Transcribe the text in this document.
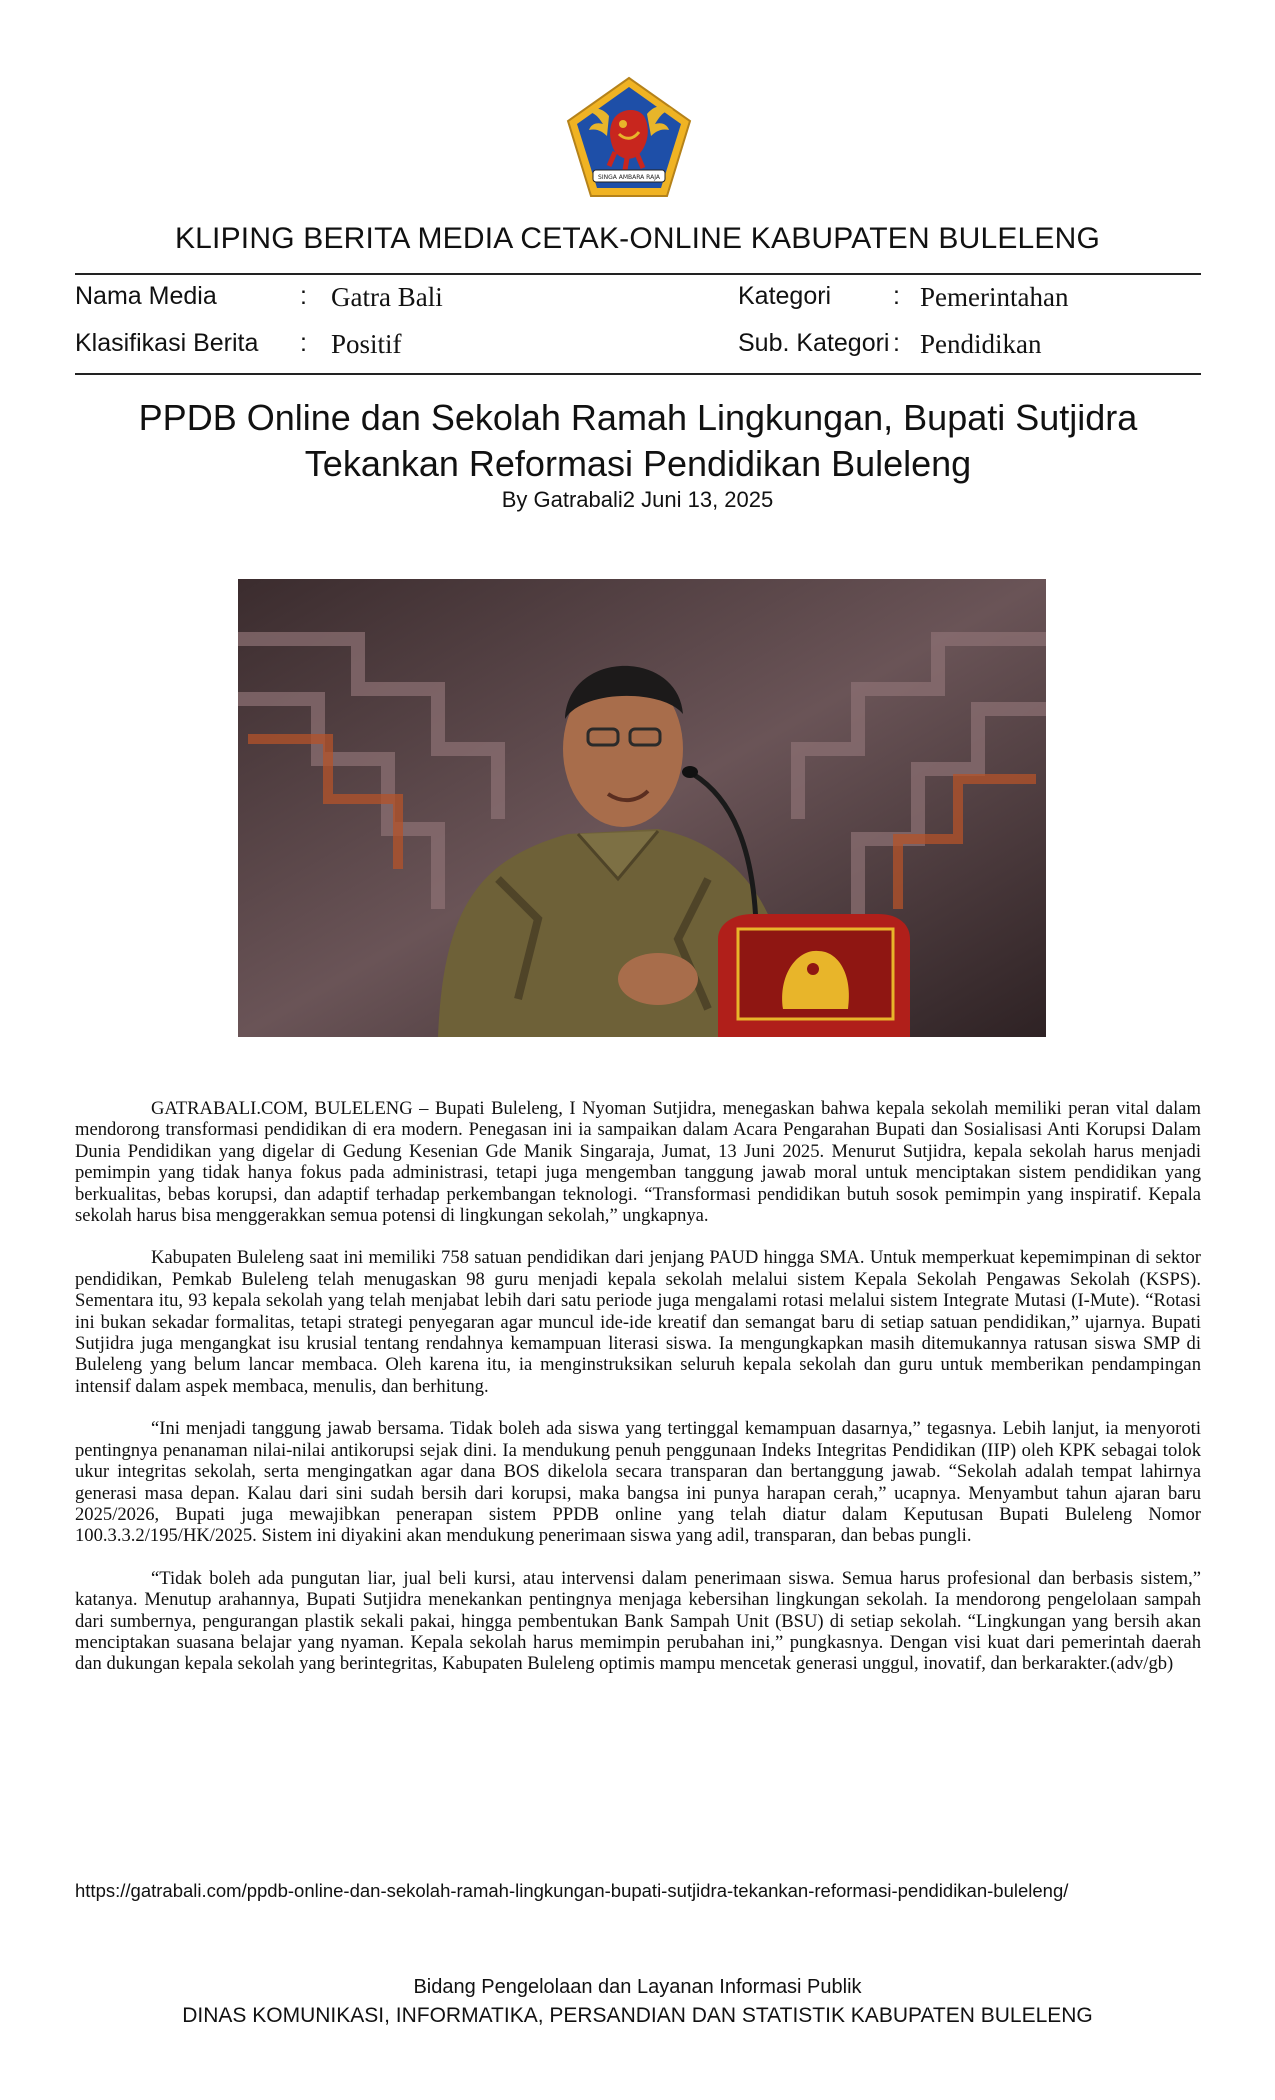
SINGA AMBARA RAJA
KLIPING BERITA MEDIA CETAK-ONLINE KABUPATEN BULELENG
Nama Media	: Gatra Bali
Klasifikasi Berita : Positif
Kategori : Pemerintahan
Sub. Kategori : Pendidikan
PPDB Online dan Sekolah Ramah Lingkungan, Bupati Sutjidra Tekankan Reformasi Pendidikan Buleleng
By Gatrabali2 Juni 13, 2025

GATRABALI.COM, BULELENG – Bupati Buleleng, I Nyoman Sutjidra, menegaskan bahwa kepala sekolah memiliki peran vital dalam mendorong transformasi pendidikan di era modern. Penegasan ini ia sampaikan dalam Acara Pengarahan Bupati dan Sosialisasi Anti Korupsi Dalam Dunia Pendidikan yang digelar di Gedung Kesenian Gde Manik Singaraja, Jumat, 13 Juni 2025. Menurut Sutjidra, kepala sekolah harus menjadi pemimpin yang tidak hanya fokus pada administrasi, tetapi juga mengemban tanggung jawab moral untuk menciptakan sistem pendidikan yang berkualitas, bebas korupsi, dan adaptif terhadap perkembangan teknologi. “Transformasi pendidikan butuh sosok pemimpin yang inspiratif. Kepala sekolah harus bisa menggerakkan semua potensi di lingkungan sekolah,” ungkapnya.

Kabupaten Buleleng saat ini memiliki 758 satuan pendidikan dari jenjang PAUD hingga SMA. Untuk memperkuat kepemimpinan di sektor pendidikan, Pemkab Buleleng telah menugaskan 98 guru menjadi kepala sekolah melalui sistem Kepala Sekolah Pengawas Sekolah (KSPS). Sementara itu, 93 kepala sekolah yang telah menjabat lebih dari satu periode juga mengalami rotasi melalui sistem Integrate Mutasi (I-Mute). “Rotasi ini bukan sekadar formalitas, tetapi strategi penyegaran agar muncul ide-ide kreatif dan semangat baru di setiap satuan pendidikan,” ujarnya. Bupati Sutjidra juga mengangkat isu krusial tentang rendahnya kemampuan literasi siswa. Ia mengungkapkan masih ditemukannya ratusan siswa SMP di Buleleng yang belum lancar membaca. Oleh karena itu, ia menginstruksikan seluruh kepala sekolah dan guru untuk memberikan pendampingan intensif dalam aspek membaca, menulis, dan berhitung.

“Ini menjadi tanggung jawab bersama. Tidak boleh ada siswa yang tertinggal kemampuan dasarnya,” tegasnya. Lebih lanjut, ia menyoroti pentingnya penanaman nilai-nilai antikorupsi sejak dini. Ia mendukung penuh penggunaan Indeks Integritas Pendidikan (IIP) oleh KPK sebagai tolok ukur integritas sekolah, serta mengingatkan agar dana BOS dikelola secara transparan dan bertanggung jawab. “Sekolah adalah tempat lahirnya generasi masa depan. Kalau dari sini sudah bersih dari korupsi, maka bangsa ini punya harapan cerah,” ucapnya. Menyambut tahun ajaran baru 2025/2026, Bupati juga mewajibkan penerapan sistem PPDB online yang telah diatur dalam Keputusan Bupati Buleleng Nomor 100.3.3.2/195/HK/2025. Sistem ini diyakini akan mendukung penerimaan siswa yang adil, transparan, dan bebas pungli.

“Tidak boleh ada pungutan liar, jual beli kursi, atau intervensi dalam penerimaan siswa. Semua harus profesional dan berbasis sistem,” katanya. Menutup arahannya, Bupati Sutjidra menekankan pentingnya menjaga kebersihan lingkungan sekolah. Ia mendorong pengelolaan sampah dari sumbernya, pengurangan plastik sekali pakai, hingga pembentukan Bank Sampah Unit (BSU) di setiap sekolah. “Lingkungan yang bersih akan menciptakan suasana belajar yang nyaman. Kepala sekolah harus memimpin perubahan ini,” pungkasnya. Dengan visi kuat dari pemerintah daerah dan dukungan kepala sekolah yang berintegritas, Kabupaten Buleleng optimis mampu mencetak generasi unggul, inovatif, dan berkarakter.(adv/gb)

https://gatrabali.com/ppdb-online-dan-sekolah-ramah-lingkungan-bupati-sutjidra-tekankan-reformasi-pendidikan-buleleng/
Bidang Pengelolaan dan Layanan Informasi Publik
DINAS KOMUNIKASI, INFORMATIKA, PERSANDIAN DAN STATISTIK KABUPATEN BULELENG
